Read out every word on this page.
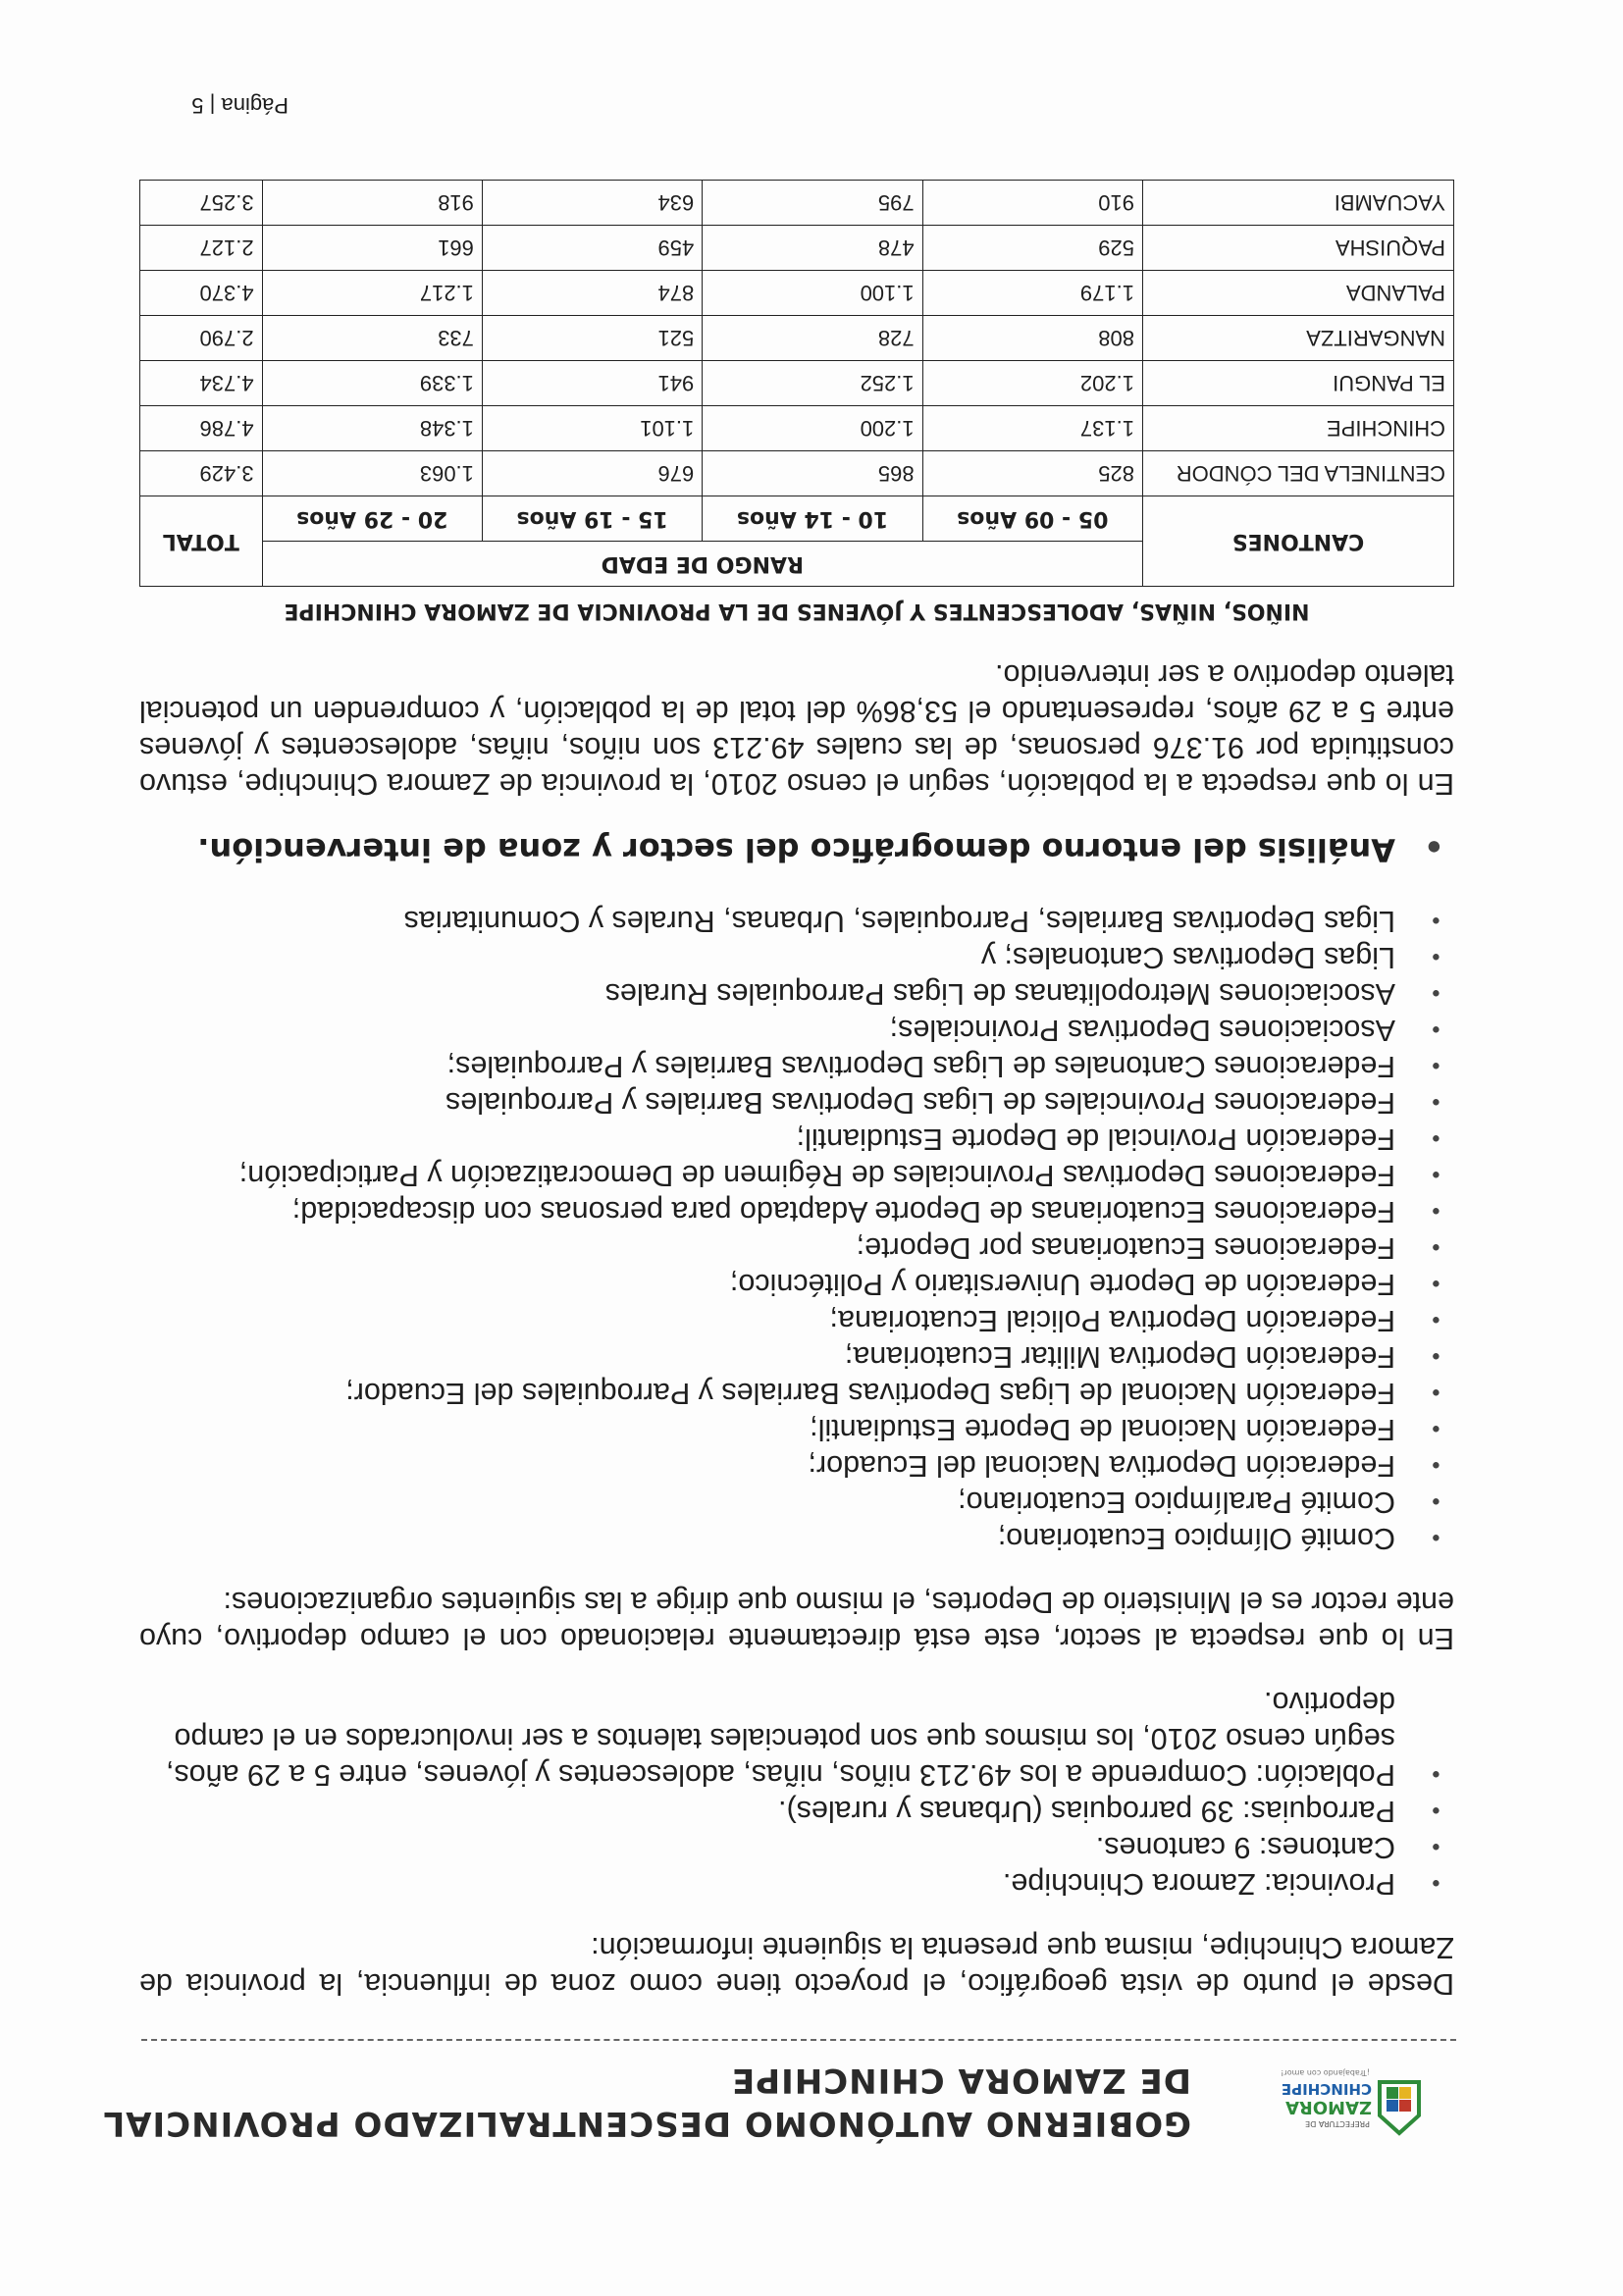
PREFECTURA DE
ZAMORA
CHINCHIPE
¡Trabajando con amor!
GOBIERNO AUTÓNOMO DESCENTRALIZADO PROVINCIAL
DE ZAMORA CHINCHIPE

Desde el punto de vista geográfico, el proyecto tiene como zona de influencia, la provincia de Zamora Chinchipe, misma que presenta la siguiente información:

● Provincia: Zamora Chinchipe.
● Cantones: 9 cantones.
● Parroquias: 39 parroquias (Urbanas y rurales).
● Población: Comprende a los 49.213 niños, niñas, adolescentes y jóvenes, entre 5 a 29 años, según censo 2010, los mismos que son potenciales talentos a ser involucrados en el campo deportivo.

En lo que respecta al sector, este está directamente relacionado con el campo deportivo, cuyo ente rector es el Ministerio de Deportes, el mismo que dirige a las siguientes organizaciones:

● Comité Olímpico Ecuatoriano;
● Comité Paralímpico Ecuatoriano;
● Federación Deportiva Nacional del Ecuador;
● Federación Nacional de Deporte Estudiantil;
● Federación Nacional de Ligas Deportivas Barriales y Parroquiales del Ecuador;
● Federación Deportiva Militar Ecuatoriana;
● Federación Deportiva Policial Ecuatoriana;
● Federación de Deporte Universitario y Politécnico;
● Federaciones Ecuatorianas por Deporte;
● Federaciones Ecuatorianas de Deporte Adaptado para personas con discapacidad;
● Federaciones Deportivas Provinciales de Régimen de Democratización y Participación;
● Federación Provincial de Deporte Estudiantil;
● Federaciones Provinciales de Ligas Deportivas Barriales y Parroquiales
● Federaciones Cantonales de Ligas Deportivas Barriales y Parroquiales;
● Asociaciones Deportivas Provinciales;
● Asociaciones Metropolitanas de Ligas Parroquiales Rurales
● Ligas Deportivas Cantonales; y
● Ligas Deportivas Barriales, Parroquiales, Urbanas, Rurales y Comunitarias
● Análisis del entorno demográfico del sector y zona de intervención.

En lo que respecta a la población, según el censo 2010, la provincia de Zamora Chinchipe, estuvo constituida por 91.376 personas, de las cuales 49.213 son niños, niñas, adolescentes y jóvenes entre 5 a 29 años, representando el 53,86% del total de la población, y comprenden un potencial talento deportivo a ser intervenido.

NIÑOS, NIÑAS, ADOLESCENTES Y JÓVENES DE LA PROVINCIA DE ZAMORA CHINCHIPE
CANTONES	RANGO DE EDAD				TOTAL
	05 - 09 Años	10 - 14 Años	15 - 19 Años	20 - 29 Años	
CENTINELA DEL CÓNDOR	825	865	676	1.063	3.429
CHINCHIPE	1.137	1.200	1.101	1.348	4.786
EL PANGUI	1.202	1.252	941	1.339	4.734
NANGARITZA	808	728	521	733	2.790
PALANDA	1.179	1.100	874	1.217	4.370
PAQUISHA	529	478	459	661	2.127
YACUAMBI	910	795	634	918	3.257
Página | 5
